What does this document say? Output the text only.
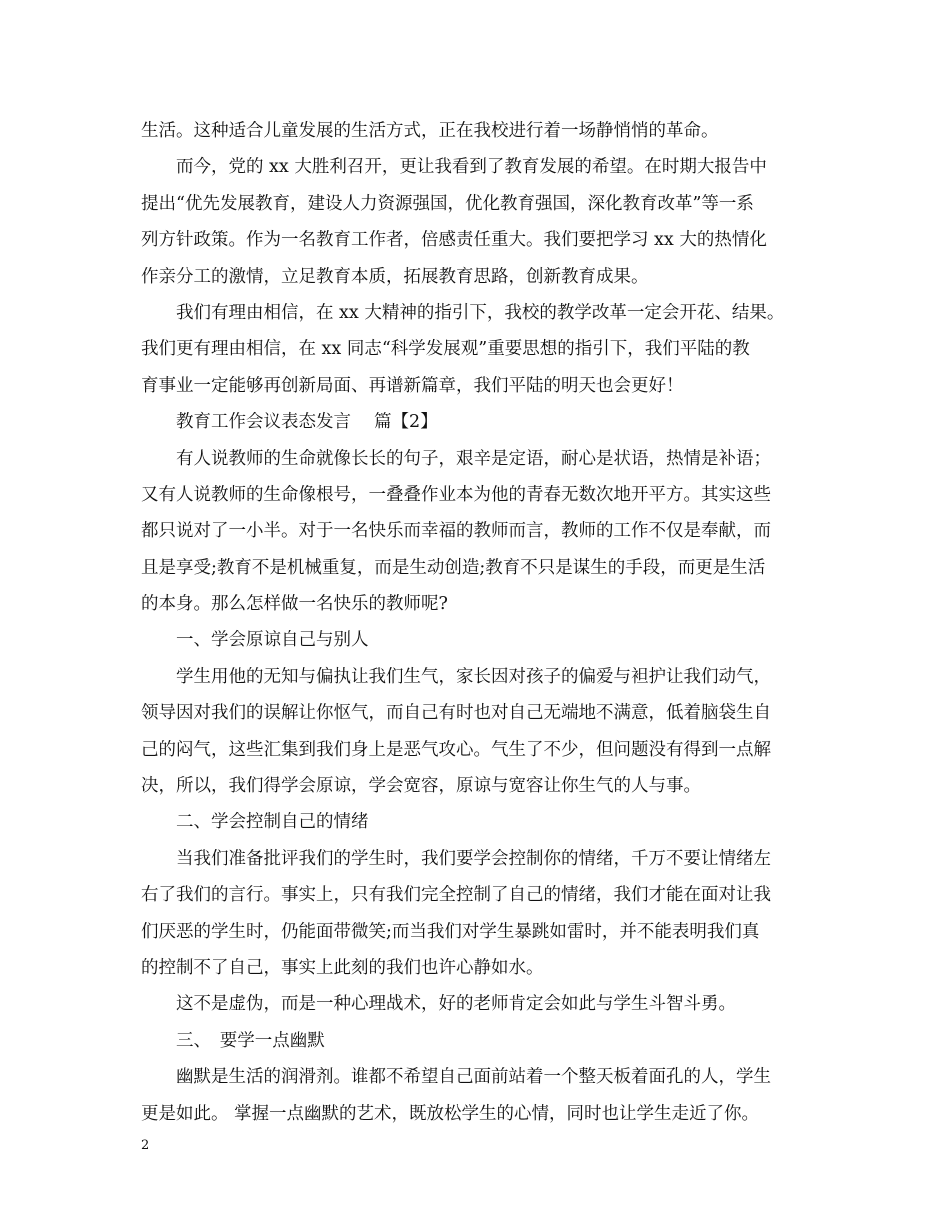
生活。这种适合儿童发展的生活方式，正在我校进行着一场静悄悄的革命。
而今，党的 xx 大胜利召开，更让我看到了教育发展的希望。在时期大报告中
提出“优先发展教育，建设人力资源强国，优化教育强国，深化教育改革”等一系
列方针政策。作为一名教育工作者，倍感责任重大。我们要把学习 xx 大的热情化
作亲分工的激情，立足教育本质，拓展教育思路，创新教育成果。
我们有理由相信，在 xx 大精神的指引下，我校的教学改革一定会开花、结果。
我们更有理由相信，在 xx 同志“科学发展观”重要思想的指引下，我们平陆的教
育事业一定能够再创新局面、再谱新篇章，我们平陆的明天也会更好！
教育工作会议表态发言　 篇【2】
有人说教师的生命就像长长的句子，艰辛是定语，耐心是状语，热情是补语；
又有人说教师的生命像根号，一叠叠作业本为他的青春无数次地开平方。其实这些
都只说对了一小半。对于一名快乐而幸福的教师而言，教师的工作不仅是奉献，而
且是享受;教育不是机械重复，而是生动创造;教育不只是谋生的手段，而更是生活
的本身。那么怎样做一名快乐的教师呢?
一、学会原谅自己与别人
学生用他的无知与偏执让我们生气，家长因对孩子的偏爱与袒护让我们动气，
领导因对我们的误解让你怄气，而自己有时也对自己无端地不满意，低着脑袋生自
己的闷气，这些汇集到我们身上是恶气攻心。气生了不少，但问题没有得到一点解
决，所以，我们得学会原谅，学会宽容，原谅与宽容让你生气的人与事。
二、学会控制自己的情绪
当我们准备批评我们的学生时，我们要学会控制你的情绪，千万不要让情绪左
右了我们的言行。事实上，只有我们完全控制了自己的情绪，我们才能在面对让我
们厌恶的学生时，仍能面带微笑;而当我们对学生暴跳如雷时，并不能表明我们真
的控制不了自己，事实上此刻的我们也许心静如水。
这不是虚伪，而是一种心理战术，好的老师肯定会如此与学生斗智斗勇。
三、　要学一点幽默
幽默是生活的润滑剂。谁都不希望自己面前站着一个整天板着面孔的人，学生
更是如此。 掌握一点幽默的艺术，既放松学生的心情，同时也让学生走近了你。
2
